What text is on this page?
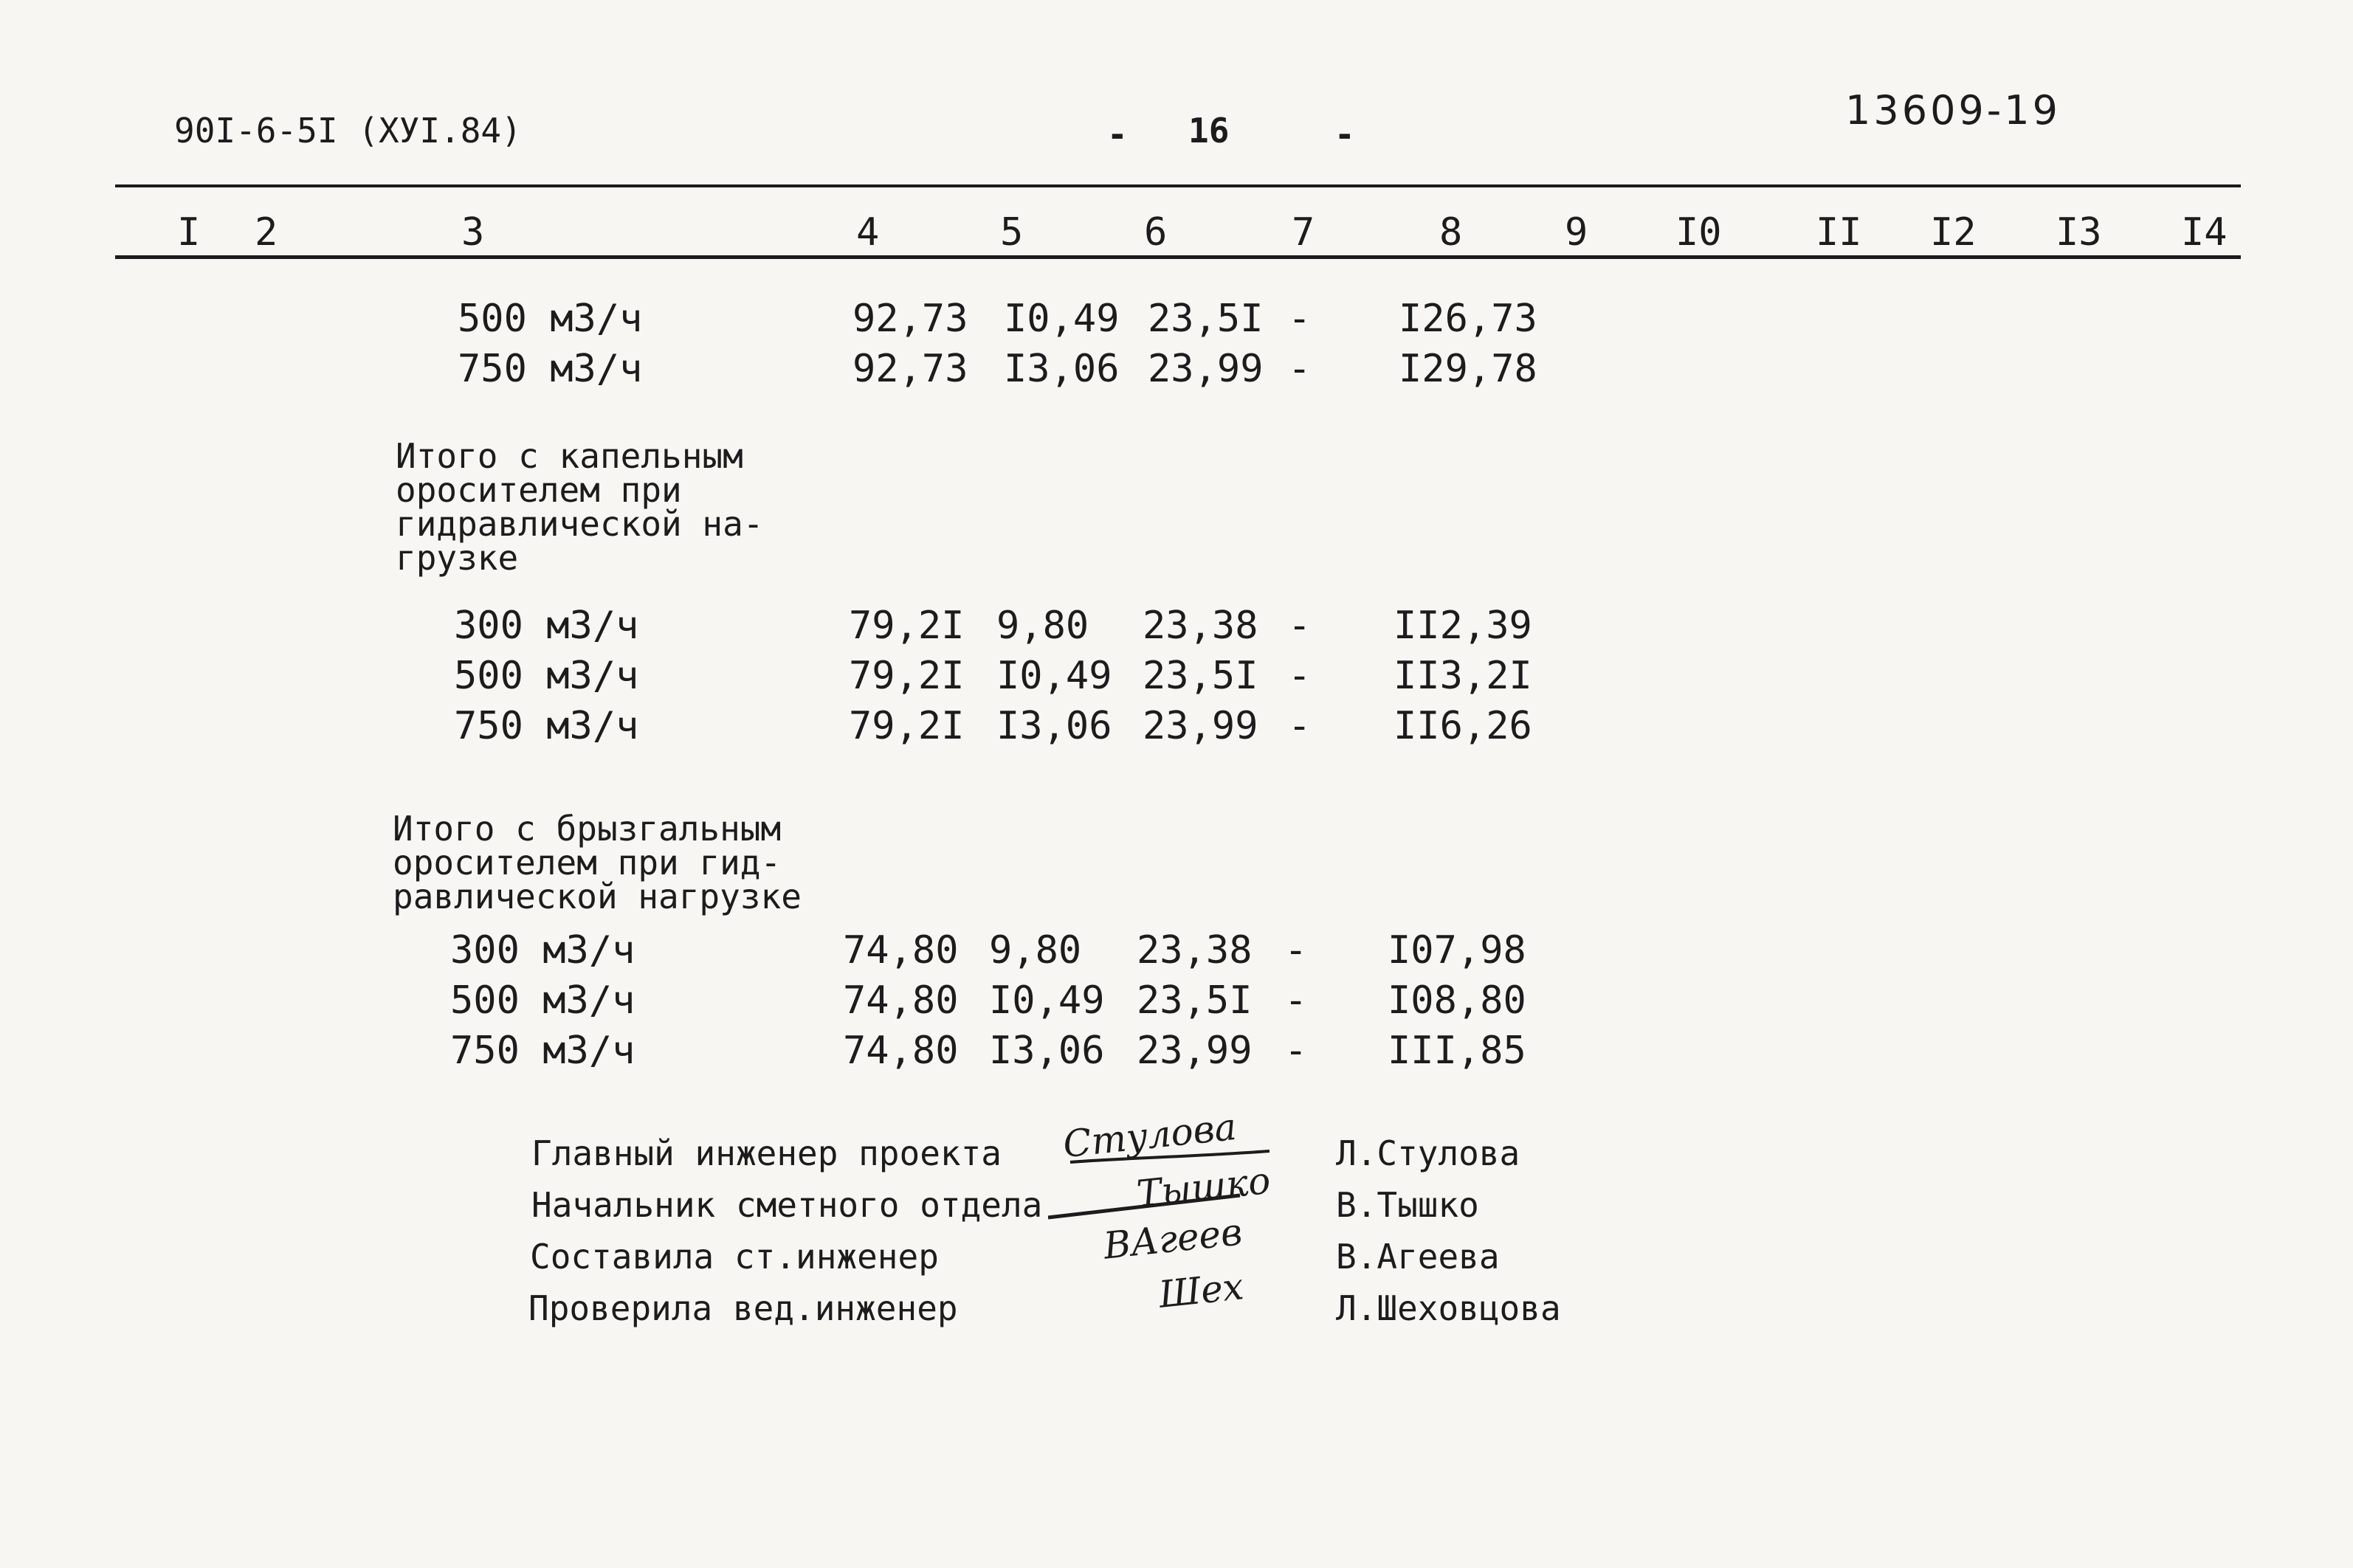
90I-6-5I (XУI.84)	- 16	-
13609-19
I 2	3	4	5	6	7	8	9 I0 II I2 I3 I4
500 м3/ч	92,73 I0,49 23,5I - I26,73
750 м3/ч	92,73 I3,06 23,99 - I29,78
Итого с капельным
оросителем при
гидравлической на-
грузке
300 м3/ч	79,2I 9,80 23,38 - II2,39
500 м3/ч	79,2I I0,49 23,5I - II3,2I
750 м3/ч	79,2I I3,06 23,99 - II6,26
Итого с брызгальным
оросителем при гид-
равлической нагрузке
300 м3/ч	74,80 9,80 23,38 - I07,98
500 м3/ч	74,80 I0,49 23,5I - I08,80
750 м3/ч	74,80 I3,06 23,99 - III,85
Главный инженер проекта	Л.Стулова
Стулова
Начальник сметного отдела	В.Тышко
Тышко
Составила ст.инженер	В.Агеева
ВАгеев
Проверила вед.инженер	Л.Шеховцова
Шех
